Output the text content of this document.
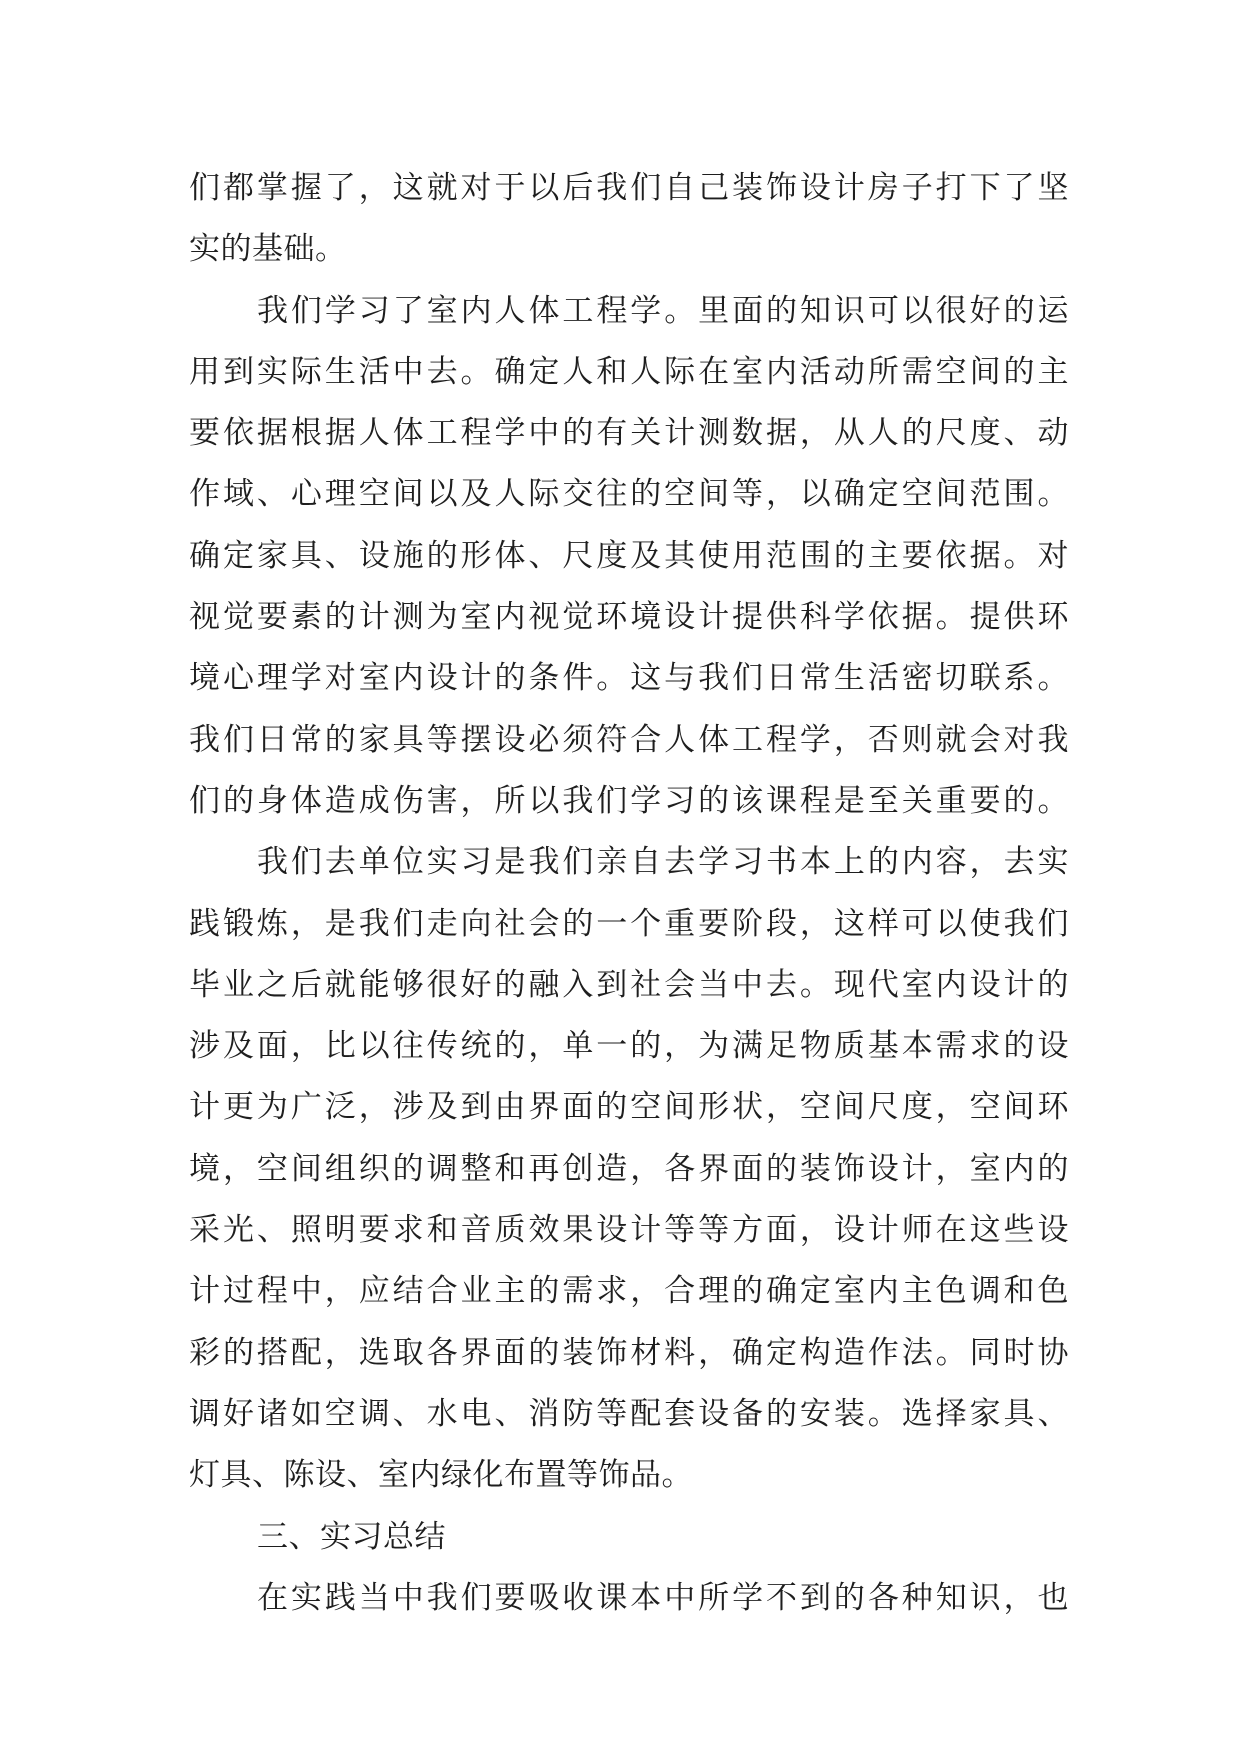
们都掌握了，这就对于以后我们自己装饰设计房子打下了坚
实的基础。
我们学习了室内人体工程学。里面的知识可以很好的运
用到实际生活中去。确定人和人际在室内活动所需空间的主
要依据根据人体工程学中的有关计测数据，从人的尺度、动
作域、心理空间以及人际交往的空间等，以确定空间范围。
确定家具、设施的形体、尺度及其使用范围的主要依据。对
视觉要素的计测为室内视觉环境设计提供科学依据。提供环
境心理学对室内设计的条件。这与我们日常生活密切联系。
我们日常的家具等摆设必须符合人体工程学，否则就会对我
们的身体造成伤害，所以我们学习的该课程是至关重要的。
我们去单位实习是我们亲自去学习书本上的内容，去实
践锻炼，是我们走向社会的一个重要阶段，这样可以使我们
毕业之后就能够很好的融入到社会当中去。现代室内设计的
涉及面，比以往传统的，单一的，为满足物质基本需求的设
计更为广泛，涉及到由界面的空间形状，空间尺度，空间环
境，空间组织的调整和再创造，各界面的装饰设计，室内的
采光、照明要求和音质效果设计等等方面，设计师在这些设
计过程中，应结合业主的需求，合理的确定室内主色调和色
彩的搭配，选取各界面的装饰材料，确定构造作法。同时协
调好诸如空调、水电、消防等配套设备的安装。选择家具、
灯具、陈设、室内绿化布置等饰品。
三、实习总结
在实践当中我们要吸收课本中所学不到的各种知识，也
